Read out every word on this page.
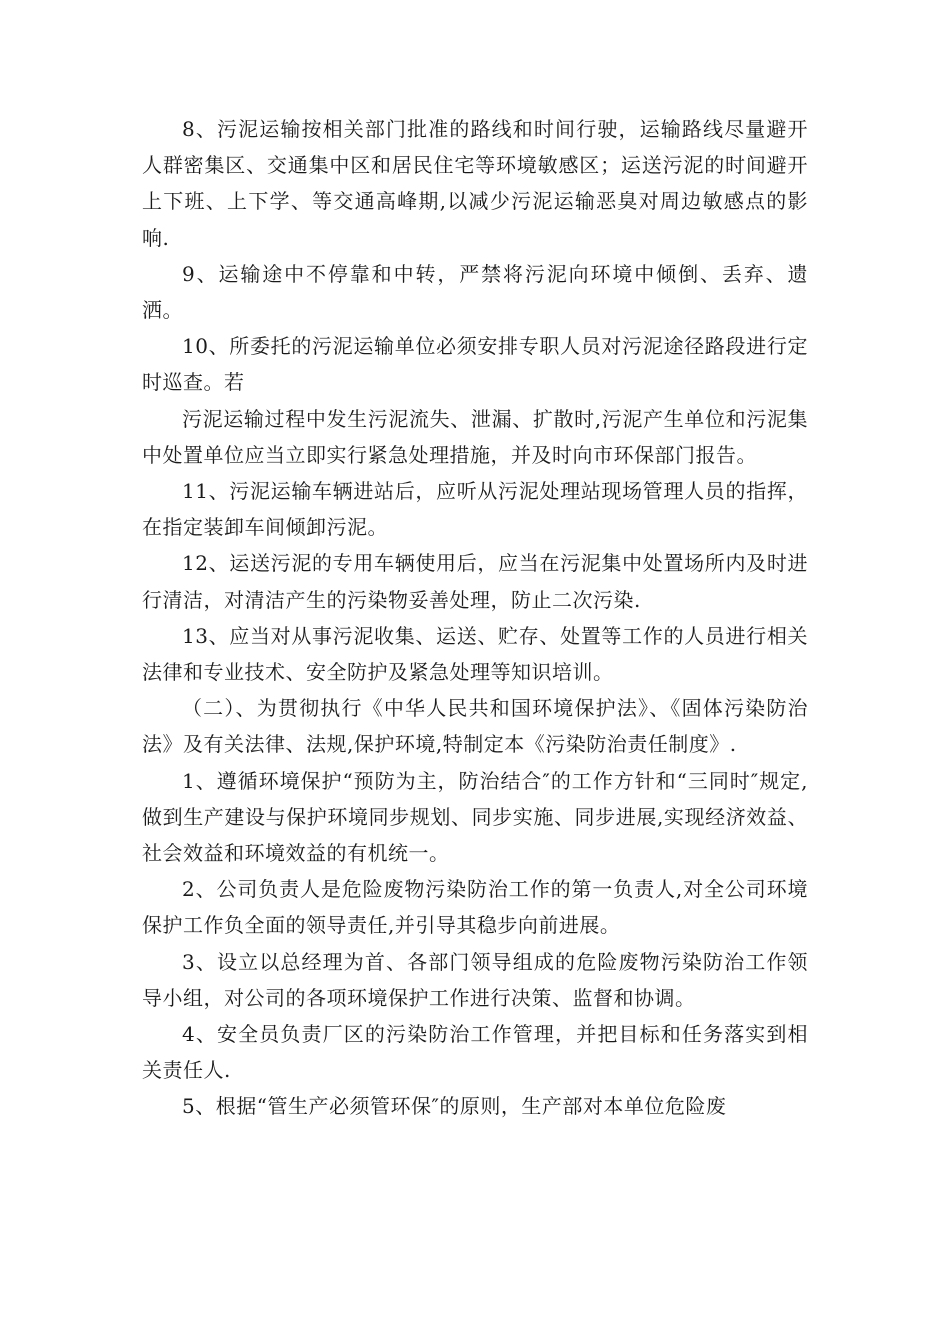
8、污泥运输按相关部门批准的路线和时间行驶，运输路线尽量避开人群密集区、交通集中区和居民住宅等环境敏感区；运送污泥的时间避开上下班、上下学、等交通高峰期,以减少污泥运输恶臭对周边敏感点的影响.

9、运输途中不停靠和中转，严禁将污泥向环境中倾倒、丢弃、遗洒。

10、所委托的污泥运输单位必须安排专职人员对污泥途径路段进行定时巡查。若

污泥运输过程中发生污泥流失、泄漏、扩散时,污泥产生单位和污泥集中处置单位应当立即实行紧急处理措施，并及时向市环保部门报告。

11、污泥运输车辆进站后，应听从污泥处理站现场管理人员的指挥，在指定装卸车间倾卸污泥。

12、运送污泥的专用车辆使用后，应当在污泥集中处置场所内及时进行清洁，对清洁产生的污染物妥善处理，防止二次污染.

13、应当对从事污泥收集、运送、贮存、处置等工作的人员进行相关法律和专业技术、安全防护及紧急处理等知识培训。

（二）、为贯彻执行《中华人民共和国环境保护法》、《固体污染防治法》及有关法律、法规,保护环境,特制定本《污染防治责任制度》.

1、遵循环境保护“预防为主，防治结合″的工作方针和“三同时″规定,做到生产建设与保护环境同步规划、同步实施、同步进展,实现经济效益、社会效益和环境效益的有机统一。

2、公司负责人是危险废物污染防治工作的第一负责人,对全公司环境保护工作负全面的领导责任,并引导其稳步向前进展。

3、设立以总经理为首、各部门领导组成的危险废物污染防治工作领导小组，对公司的各项环境保护工作进行决策、监督和协调。

4、安全员负责厂区的污染防治工作管理，并把目标和任务落实到相关责任人.

5、根据“管生产必须管环保″的原则，生产部对本单位危险废
